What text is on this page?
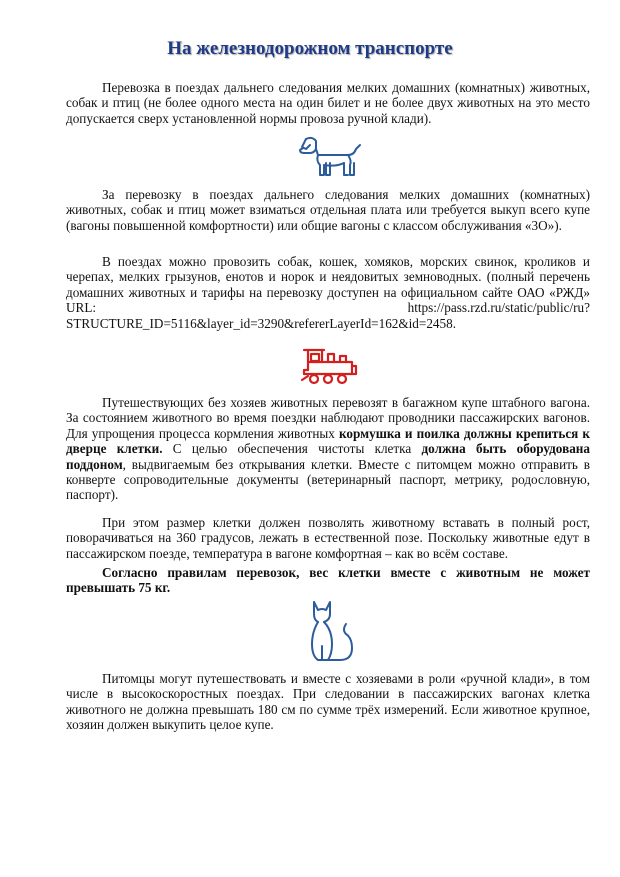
На железнодорожном транспорте

Перевозка в поездах дальнего следования мелких домашних (комнатных) животных, собак и птиц (не более одного места на один билет и не более двух животных на это место допускается сверх установленной нормы провоза ручной клади).

За перевозку в поездах дальнего следования мелких домашних (комнатных) животных, собак и птиц может взиматься отдельная плата или требуется выкуп всего купе (вагоны повышенной комфортности) или общие вагоны с классом обслуживания «3О»).

В поездах можно провозить собак, кошек, хомяков, морских свинок, кроликов и черепах, мелких грызунов, енотов и норок и неядовитых земноводных. (полный перечень домашних животных и тарифы на перевозку доступен на официальном сайте ОАО «РЖД» URL: https://pass.rzd.ru/static/public/ru?STRUCTURE_ID=5116&layer_id=3290&refererLayerId=162&id=2458.

Путешествующих без хозяев животных перевозят в багажном купе штабного вагона. За состоянием животного во время поездки наблюдают проводники пассажирских вагонов. Для упрощения процесса кормления животных кормушка и поилка должны крепиться к дверце клетки. С целью обеспечения чистоты клетка должна быть оборудована поддоном, выдвигаемым без открывания клетки. Вместе с питомцем можно отправить в конверте сопроводительные документы (ветеринарный паспорт, метрику, родословную, паспорт).

При этом размер клетки должен позволять животному вставать в полный рост, поворачиваться на 360 градусов, лежать в естественной позе. Поскольку животные едут в пассажирском поезде, температура в вагоне комфортная – как во всём составе.

Согласно правилам перевозок, вес клетки вместе с животным не может превышать 75 кг.

Питомцы могут путешествовать и вместе с хозяевами в роли «ручной клади», в том числе в высокоскоростных поездах. При следовании в пассажирских вагонах клетка животного не должна превышать 180 см по сумме трёх измерений. Если животное крупное, хозяин должен выкупить целое купе.
